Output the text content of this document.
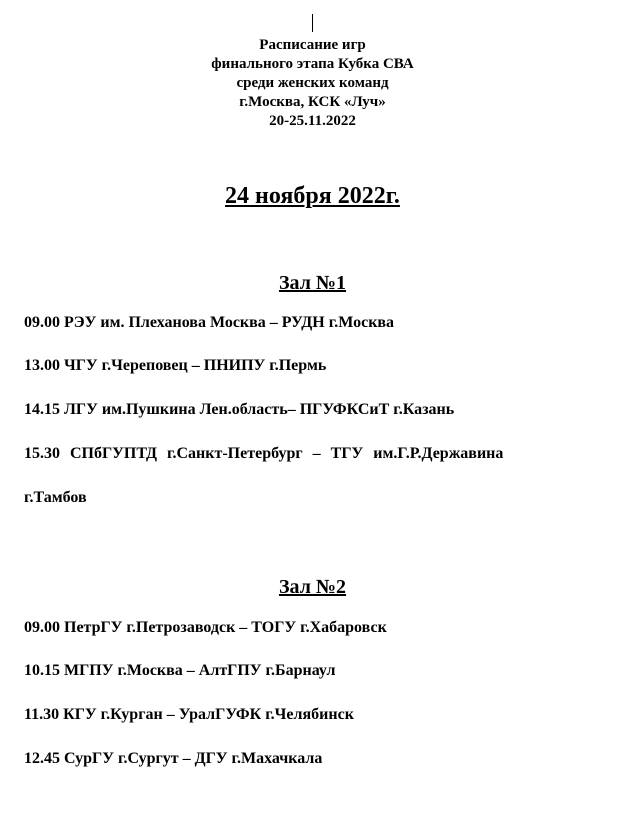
Расписание игр
финального этапа Кубка СВА
среди женских команд
г.Москва, КСК «Луч»
20-25.11.2022
24 ноября 2022г.
Зал №1
09.00 РЭУ им. Плеханова Москва – РУДН г.Москва
13.00 ЧГУ г.Череповец – ПНИПУ г.Пермь
14.15 ЛГУ им.Пушкина Лен.область– ПГУФКСиТ г.Казань
15.30 СПбГУПТД г.Санкт-Петербург – ТГУ им.Г.Р.Державина
г.Тамбов
Зал №2
09.00 ПетрГУ г.Петрозаводск – ТОГУ г.Хабаровск
10.15 МГПУ г.Москва – АлтГПУ г.Барнаул
11.30 КГУ г.Курган – УралГУФК г.Челябинск
12.45 СурГУ г.Сургут – ДГУ г.Махачкала
